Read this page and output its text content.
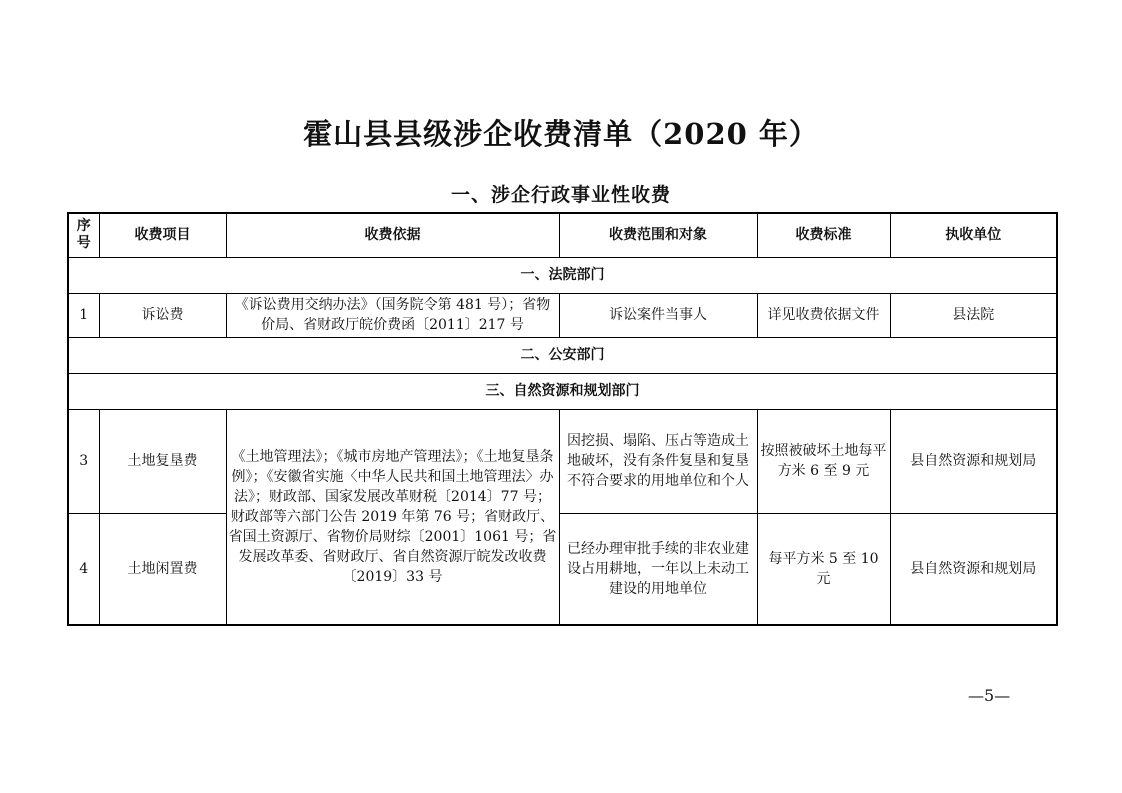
霍山县县级涉企收费清单（2020 年）
一、涉企行政事业性收费
序号	收费项目	收费依据	收费范围和对象	收费标准	执收单位
一、法院部门					
1	诉讼费	《诉讼费用交纳办法》（国务院令第 481 号）；省物价局、省财政厅皖价费函〔2011〕217 号	诉讼案件当事人	详见收费依据文件	县法院
二、公安部门					
三、自然资源和规划部门					
3	土地复垦费	《土地管理法》；《城市房地产管理法》；《土地复垦条例》；《安徽省实施〈中华人民共和国土地管理法〉办法》；财政部、国家发展改革财税〔2014〕77 号；财政部等六部门公告 2019 年第 76 号；省财政厅、省国土资源厅、省物价局财综〔2001〕1061 号；省发展改革委、省财政厅、省自然资源厅皖发改收费〔2019〕33 号	因挖损、塌陷、压占等造成土地破坏，没有条件复垦和复垦不符合要求的用地单位和个人	按照被破坏土地每平方米 6 至 9 元	县自然资源和规划局
4	土地闲置费		已经办理审批手续的非农业建设占用耕地，一年以上未动工建设的用地单位	每平方米 5 至 10 元	县自然资源和规划局
—5—
